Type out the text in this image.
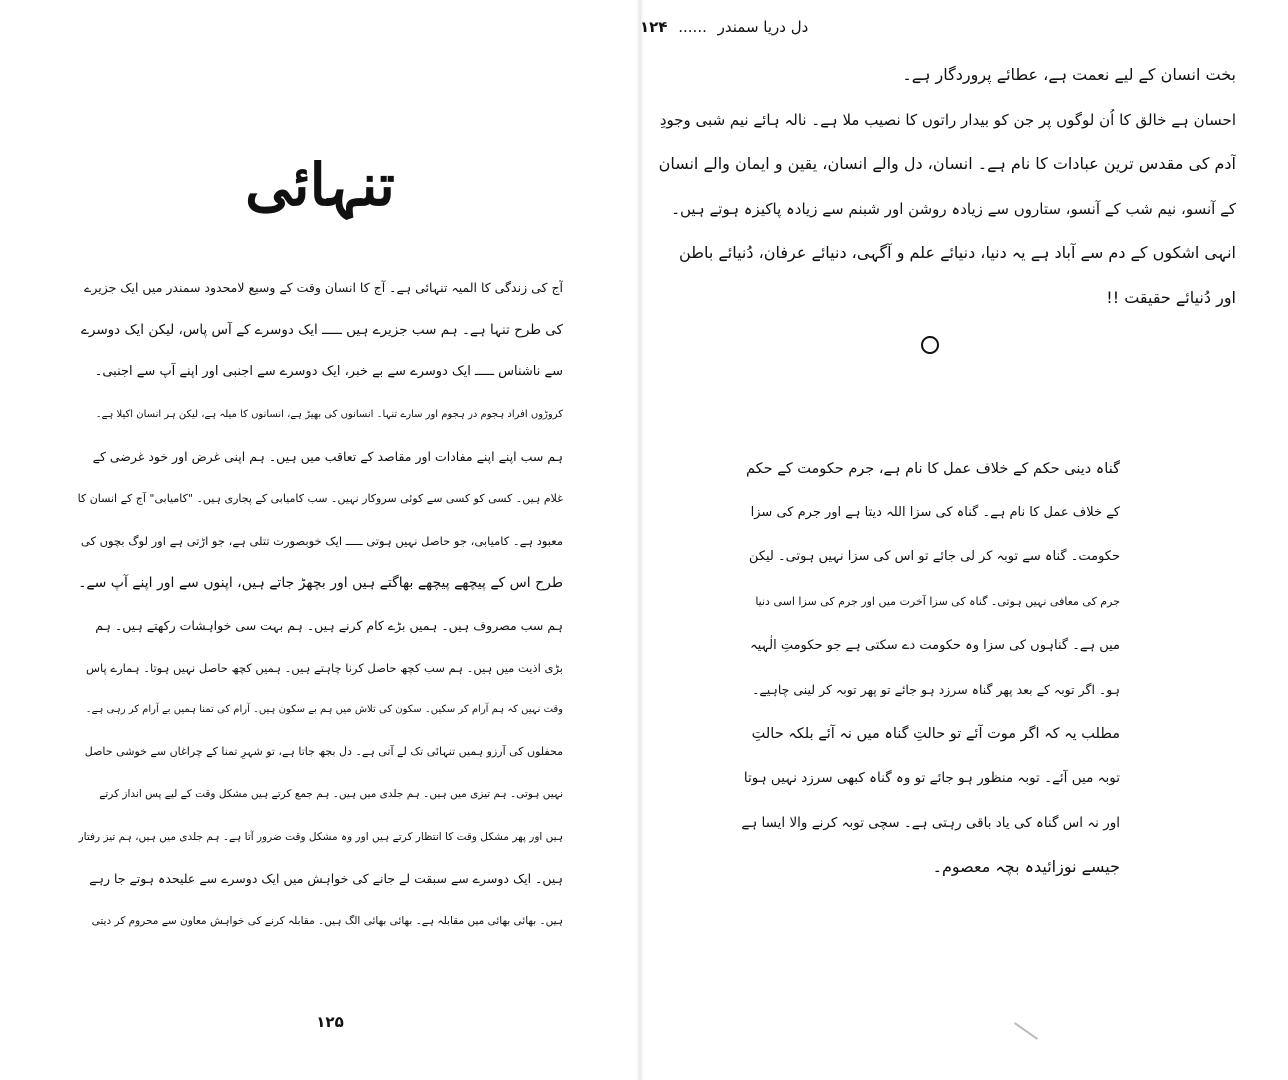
تنہائی
آج کی زندگی کا المیہ تنہائی ہے۔ آج کا انسان وقت کے وسیع لامحدود سمندر میں ایک جزیرے
کی طرح تنہا ہے۔ ہم سب جزیرے ہیں ـــــ ایک دوسرے کے آس پاس، لیکن ایک دوسرے
سے ناشناس ـــــ ایک دوسرے سے بے خبر، ایک دوسرے سے اجنبی اور اپنے آپ سے اجنبی۔
کروڑوں افراد ہجوم در ہجوم اور سارے تنہا۔ انسانوں کی بھیڑ ہے، انسانوں کا میلہ ہے، لیکن ہر انسان اکیلا ہے۔
ہم سب اپنے اپنے مفادات اور مقاصد کے تعاقب میں ہیں۔ ہم اپنی غرض اور خود غرضی کے
غلام ہیں۔ کسی کو کسی سے کوئی سروکار نہیں۔ سب کامیابی کے پجاری ہیں۔ "کامیابی" آج کے انسان کا
معبود ہے۔ کامیابی، جو حاصل نہیں ہوتی ـــــ ایک خوبصورت تتلی ہے، جو اڑتی ہے اور لوگ بچوں کی
طرح اس کے پیچھے پیچھے بھاگتے ہیں اور بچھڑ جاتے ہیں، اپنوں سے اور اپنے آپ سے۔
ہم سب مصروف ہیں۔ ہمیں بڑے کام کرنے ہیں۔ ہم بہت سی خواہشات رکھتے ہیں۔ ہم
بڑی اذیت میں ہیں۔ ہم سب کچھ حاصل کرنا چاہتے ہیں۔ ہمیں کچھ حاصل نہیں ہوتا۔ ہمارے پاس
وقت نہیں کہ ہم آرام کر سکیں۔ سکون کی تلاش میں ہم بے سکون ہیں۔ آرام کی تمنا ہمیں بے آرام کر رہی ہے۔
محفلوں کی آرزو ہمیں تنہائی تک لے آتی ہے۔ دل بجھ جاتا ہے، تو شہرِ تمنا کے چراغاں سے خوشی حاصل
نہیں ہوتی۔ ہم تیزی میں ہیں۔ ہم جلدی میں ہیں۔ ہم جمع کرتے ہیں مشکل وقت کے لیے پس انداز کرتے
ہیں اور پھر مشکل وقت کا انتظار کرتے ہیں اور وہ مشکل وقت ضرور آتا ہے۔ ہم جلدی میں ہیں، ہم تیز رفتار
ہیں۔ ایک دوسرے سے سبقت لے جانے کی خواہش میں ایک دوسرے سے علیحدہ ہوتے جا رہے
ہیں۔ بھائی بھائی میں مقابلہ ہے۔ بھائی بھائی الگ ہیں۔ مقابلہ کرنے کی خواہش معاون سے محروم کر دیتی
۱۲۵
بخت انسان کے لیے نعمت ہے، عطائے پروردگار ہے۔
احسان ہے خالق کا اُن لوگوں پر جن کو بیدار راتوں کا نصیب ملا ہے۔ نالہ ہائے نیم شبی وجودِ
آدم کی مقدس ترین عبادات کا نام ہے۔ انسان، دل والے انسان، یقین و ایمان والے انسان
کے آنسو، نیم شب کے آنسو، ستاروں سے زیادہ روشن اور شبنم سے زیادہ پاکیزہ ہوتے ہیں۔
انہی اشکوں کے دم سے آباد ہے یہ دنیا، دنیائے علم و آگہی، دنیائے عرفان، دُنیائے باطن
اور دُنیائے حقیقت !!
گناہ دینی حکم کے خلاف عمل کا نام ہے، جرم حکومت کے حکم
کے خلاف عمل کا نام ہے۔ گناہ کی سزا اللہ دیتا ہے اور جرم کی سزا
حکومت۔ گناہ سے توبہ کر لی جائے تو اس کی سزا نہیں ہوتی۔ لیکن
جرم کی معافی نہیں ہوتی۔ گناہ کی سزا آخرت میں اور جرم کی سزا اسی دنیا
میں ہے۔ گناہوں کی سزا وہ حکومت دے سکتی ہے جو حکومتِ الٰہیہ
ہو۔ اگر توبہ کے بعد پھر گناہ سرزد ہو جائے تو پھر توبہ کر لینی چاہیے۔
مطلب یہ کہ اگر موت آئے تو حالتِ گناہ میں نہ آئے بلکہ حالتِ
توبہ میں آئے۔ توبہ منظور ہو جائے تو وہ گناہ کبھی سرزد نہیں ہوتا
اور نہ اس گناہ کی یاد باقی رہتی ہے۔ سچی توبہ کرنے والا ایسا ہے
جیسے نوزائیدہ بچہ معصوم۔
۱۲۴ ...... دل دریا سمندر
